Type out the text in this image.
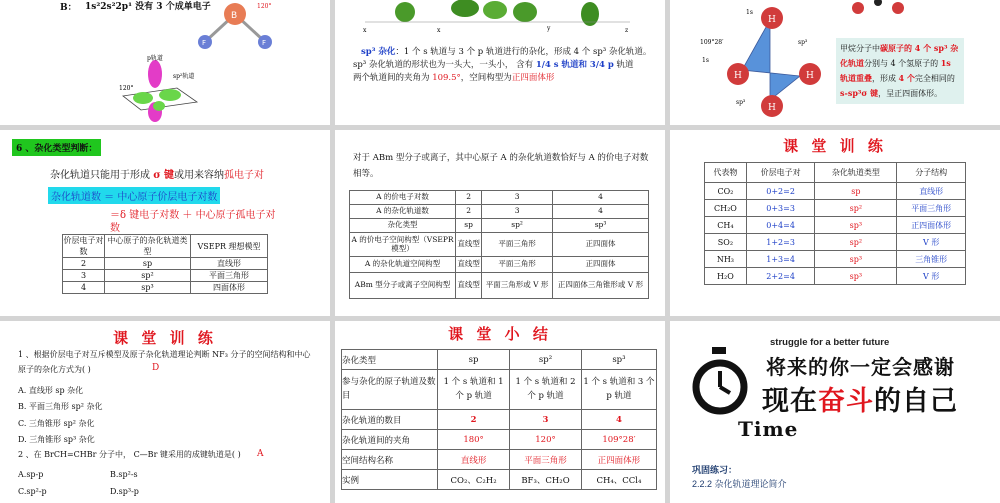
B： 1s²2s²2p¹ 没有 3 个成单电子
B
F	F
120°
p轨道
sp²轨道
120°
x	x	y	z

sp³ 杂化：1 个 s 轨道与 3 个 p 轨道进行的杂化，形成 4 个 sp³ 杂化轨道。

sp³ 杂化轨道的形状也为一头大，一头小， 含有 1/4 s 轨道和 3/4 p 轨道

两个轨道间的夹角为 109.5°，空间构型为正四面体形

H
H	H
H
C
109°28′
1s
1s
sp³
sp³
甲烷分子中碳原子的 4 个 sp³ 杂化轨道分别与 4 个氢原子的 1s 轨道重叠，形成 4 个完全相同的 s-sp³σ 键，呈正四面体形。
6 、杂化类型判断：
杂化轨道只能用于形成 σ 键或用来容纳孤电子对
杂化轨道数 ＝ 中心原子价层电子对数
＝δ 键电子对数 ＋ 中心原子孤电子对数
价层电子对数	中心原子的杂化轨道类型	VSEPR 理想模型
2	sp	直线形
3	sp²	平面三角形
4	sp³	四面体形
对于 ABm 型分子或离子，其中心原子 A 的杂化轨道数恰好与 A 的价电子对数相等。
A 的价电子对数	2	3	4
A 的杂化轨道数	2	3	4
杂化类型	sp	sp²	sp³
A 的价电子空间构型（VSEPR 模型）	直线型	平面三角形	正四面体
A 的杂化轨道空间构型	直线型	平面三角形	正四面体
ABm 型分子或离子空间构型	直线型	平面三角形或 V 形	正四面体三角锥形或 V 形
课 堂 训 练
代表物	价层电子对	杂化轨道类型	分子结构
CO₂	0+2=2	sp	直线形
CH₂O	0+3=3	sp²	平面三角形
CH₄	0+4=4	sp³	正四面体形
SO₂	1+2=3	sp²	V 形
NH₃	1+3=4	sp³	三角锥形
H₂O	2+2=4	sp³	V 形
课 堂 训 练

1 、根据价层电子对互斥模型及原子杂化轨道理论判断 NF₃ 分子的空间结构和中心原子的杂化方式为( )	D

A. 直线形 sp 杂化

B. 平面三角形 sp² 杂化

C. 三角锥形 sp² 杂化

D. 三角锥形 sp³ 杂化

2 、在 BrCH=CHBr 分子中， C—Br 键采用的成键轨道是( )	A
A.sp-p	B.sp²-s
C.sp²-p	D.sp³-p
课 堂 小 结
杂化类型	sp	sp²	sp³
参与杂化的原子轨道及数目	1 个 s 轨道和 1 个 p 轨道	1 个 s 轨道和 2 个 p 轨道	1 个 s 轨道和 3 个 p 轨道
杂化轨道的数目	2	3	4
杂化轨道间的夹角	180°	120°	109°28′
空间结构名称	直线形	平面三角形	正四面体形
实例	CO₂、C₂H₂	BF₃、CH₂O	CH₄、CCl₄
struggle for a better future
将来的你一定会感谢
现在奋斗的自己
Time
巩固练习：
2.2.2 杂化轨道理论简介
